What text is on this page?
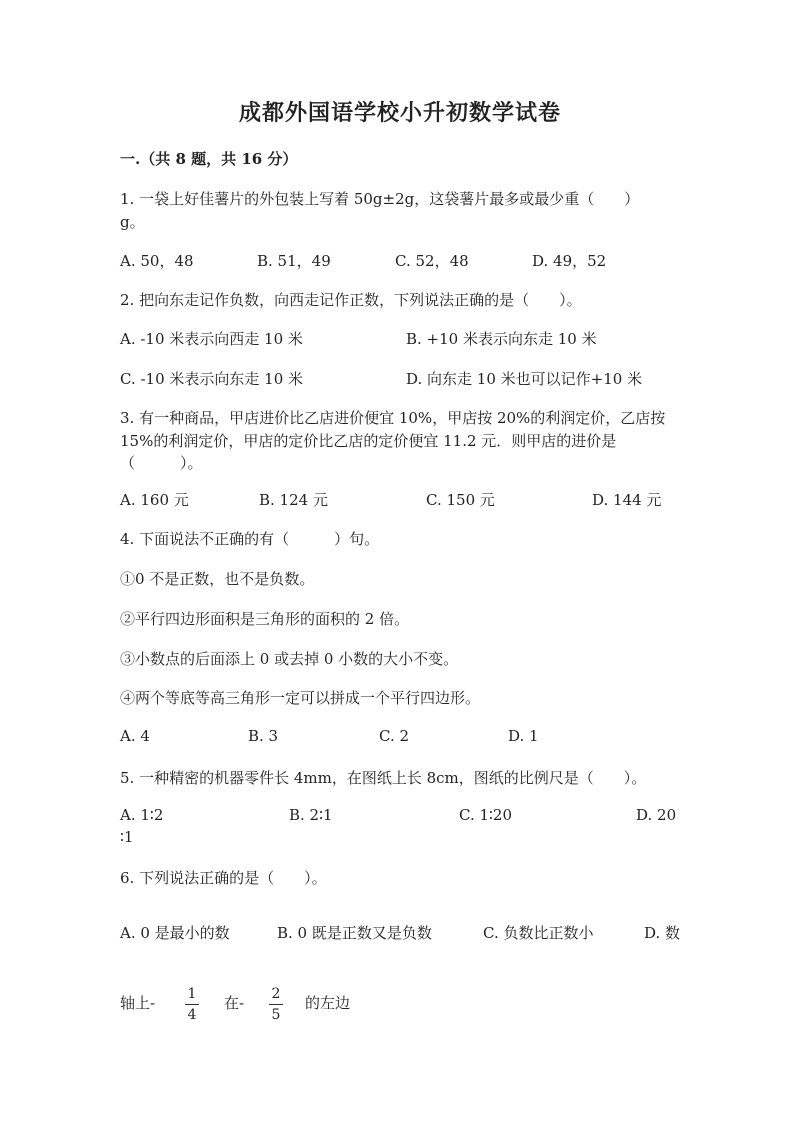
成都外国语学校小升初数学试卷
一.（共 8 题，共 16 分）
1. 一袋上好佳薯片的外包装上写着 50g±2g，这袋薯片最多或最少重（　　）
g。
A. 50，48	B. 51，49	C. 52，48	D. 49，52
2. 把向东走记作负数，向西走记作正数，下列说法正确的是（　　）。
A. -10 米表示向西走 10 米	B. +10 米表示向东走 10 米
C. -10 米表示向东走 10 米	D. 向东走 10 米也可以记作+10 米
3. 有一种商品，甲店进价比乙店进价便宜 10%，甲店按 20%的利润定价，乙店按
15%的利润定价，甲店的定价比乙店的定价便宜 11.2 元．则甲店的进价是
（　　　）。
A. 160 元	B. 124 元	C. 150 元	D. 144 元
4. 下面说法不正确的有（　　　）句。
①0 不是正数，也不是负数。
②平行四边形面积是三角形的面积的 2 倍。
③小数点的后面添上 0 或去掉 0 小数的大小不变。
④两个等底等高三角形一定可以拼成一个平行四边形。
A. 4	B. 3	C. 2	D. 1
5. 一种精密的机器零件长 4mm，在图纸上长 8cm，图纸的比例尺是（　　）。
A. 1∶2	B. 2∶1	C. 1∶20	D. 20
∶1
6. 下列说法正确的是（　　）。
A. 0 是最小的数	B. 0 既是正数又是负数	C. 负数比正数小	D. 数
轴上- 1
4
在- 2
5
的左边
